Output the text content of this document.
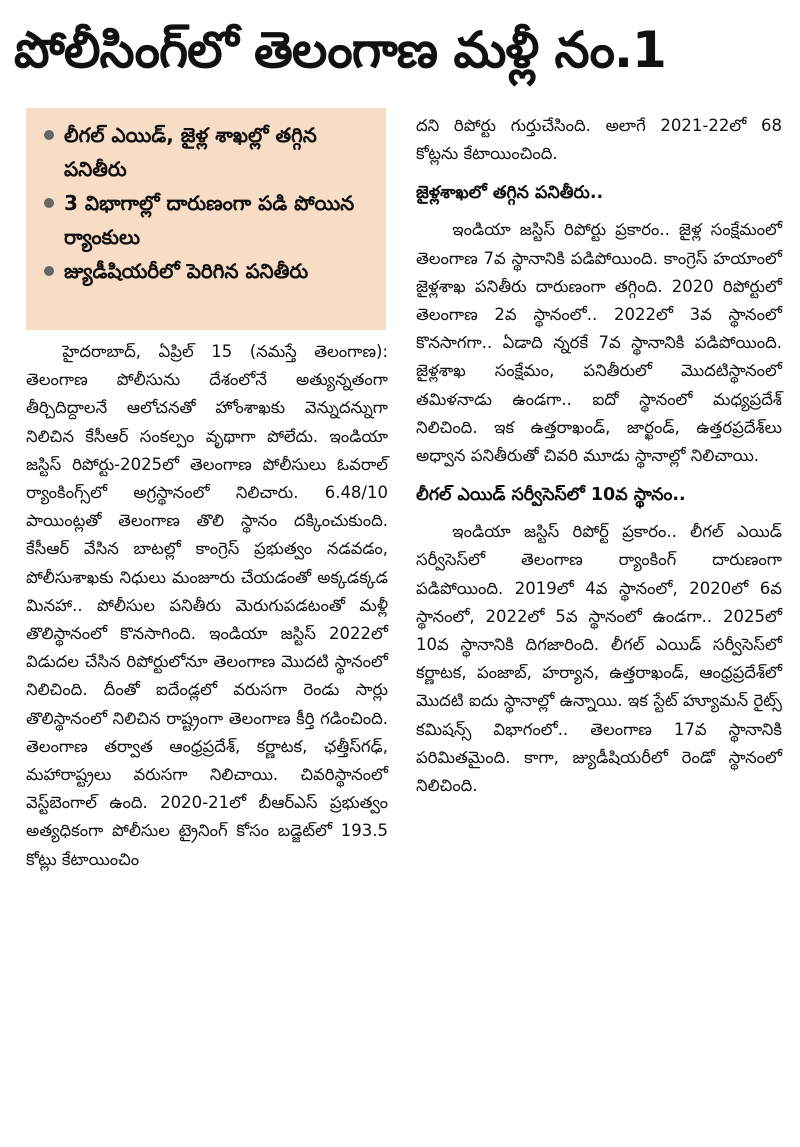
పోలీసింగ్‌లో తెలంగాణ మళ్లీ నం.1
లీగల్ ఎయిడ్, జైళ్ల శాఖల్లో తగ్గిన పనితీరు
3 విభాగాల్లో దారుణంగా పడి పోయిన ర్యాంకులు
జ్యుడీషియరీలో పెరిగిన పనితీరు

హైదరాబాద్, ఏప్రిల్ 15 (నమస్తే తెలంగాణ): తెలంగాణ పోలీసును దేశంలోనే అత్యున్నతంగా తీర్చిదిద్దాలనే ఆలోచనతో హోంశాఖకు వెన్నుదన్నుగా నిలిచిన కేసీఆర్ సంకల్పం వృథాగా పోలేదు. ఇండియా జస్టిస్ రిపోర్టు-2025లో తెలంగాణ పోలీసులు ఓవరాల్ ర్యాంకింగ్స్‌లో అగ్రస్థానంలో నిలిచారు. 6.48/10 పాయింట్లతో తెలంగాణ తొలి స్థానం దక్కించుకుంది. కేసీఆర్ వేసిన బాటల్లో కాంగ్రెస్ ప్రభుత్వం నడవడం, పోలీసుశాఖకు నిధులు మంజూరు చేయడంతో అక్కడక్కడ మినహా.. పోలీసుల పనితీరు మెరుగుపడటంతో మళ్లీ తొలిస్థానంలో కొనసాగింది. ఇండియా జస్టిస్ 2022లో విడుదల చేసిన రిపోర్టులోనూ తెలంగాణ మొదటి స్థానంలో నిలిచింది. దీంతో ఐదేండ్లలో వరుసగా రెండు సార్లు తొలిస్థానంలో నిలిచిన రాష్ట్రంగా తెలంగాణ కీర్తి గడించింది. తెలంగాణ తర్వాత ఆంధ్రప్రదేశ్, కర్ణాటక, ఛత్తీస్‌గఢ్, మహారాష్ట్రలు వరుసగా నిలిచాయి. చివరిస్థానంలో వెస్ట్‌బెంగాల్ ఉంది. 2020-21లో బీఆర్‌ఎస్ ప్రభుత్వం అత్యధికంగా పోలీసుల ట్రైనింగ్ కోసం బడ్జెట్‌లో 193.5 కోట్లు కేటాయించిం

దని రిపోర్టు గుర్తుచేసింది. అలాగే 2021-22లో 68 కోట్లను కేటాయించింది.

జైళ్లశాఖలో తగ్గిన పనితీరు..

ఇండియా జస్టిస్ రిపోర్టు ప్రకారం.. జైళ్ల సంక్షేమంలో తెలంగాణ 7వ స్థానానికి పడిపోయింది. కాంగ్రెస్ హయాంలో జైళ్లశాఖ పనితీరు దారుణంగా తగ్గింది. 2020 రిపోర్టులో తెలంగాణ 2వ స్థానంలో.. 2022లో 3వ స్థానంలో కొనసాగగా.. ఏడాది న్నరకే 7వ స్థానానికి పడిపోయింది. జైళ్లశాఖ సంక్షేమం, పనితీరులో మొదటిస్థానంలో తమిళనాడు ఉండగా.. ఐదో స్థానంలో మధ్యప్రదేశ్ నిలిచింది. ఇక ఉత్తరాఖండ్, జార్ఖండ్, ఉత్తరప్రదేశ్‌లు అధ్వాన పనితీరుతో చివరి మూడు స్థానాల్లో నిలిచాయి.

లీగల్ ఎయిడ్ సర్వీసెస్‌లో 10వ స్థానం..

ఇండియా జస్టిస్ రిపోర్ట్ ప్రకారం.. లీగల్ ఎయిడ్ సర్వీసెస్‌లో తెలంగాణ ర్యాంకింగ్ దారుణంగా పడిపోయింది. 2019లో 4వ స్థానంలో, 2020లో 6వ స్థానంలో, 2022లో 5వ స్థానంలో ఉండగా.. 2025లో 10వ స్థానానికి దిగజారింది. లీగల్ ఎయిడ్ సర్వీసెస్‌లో కర్ణాటక, పంజాబ్, హర్యాన, ఉత్తరాఖండ్, ఆంధ్రప్రదేశ్‌లో మొదటి ఐదు స్థానాల్లో ఉన్నాయి. ఇక స్టేట్ హ్యూమన్ రైట్స్ కమిషన్స్ విభాగంలో.. తెలంగాణ 17వ స్థానానికి పరిమితమైంది. కాగా, జ్యుడీషియరీలో రెండో స్థానంలో నిలిచింది.
